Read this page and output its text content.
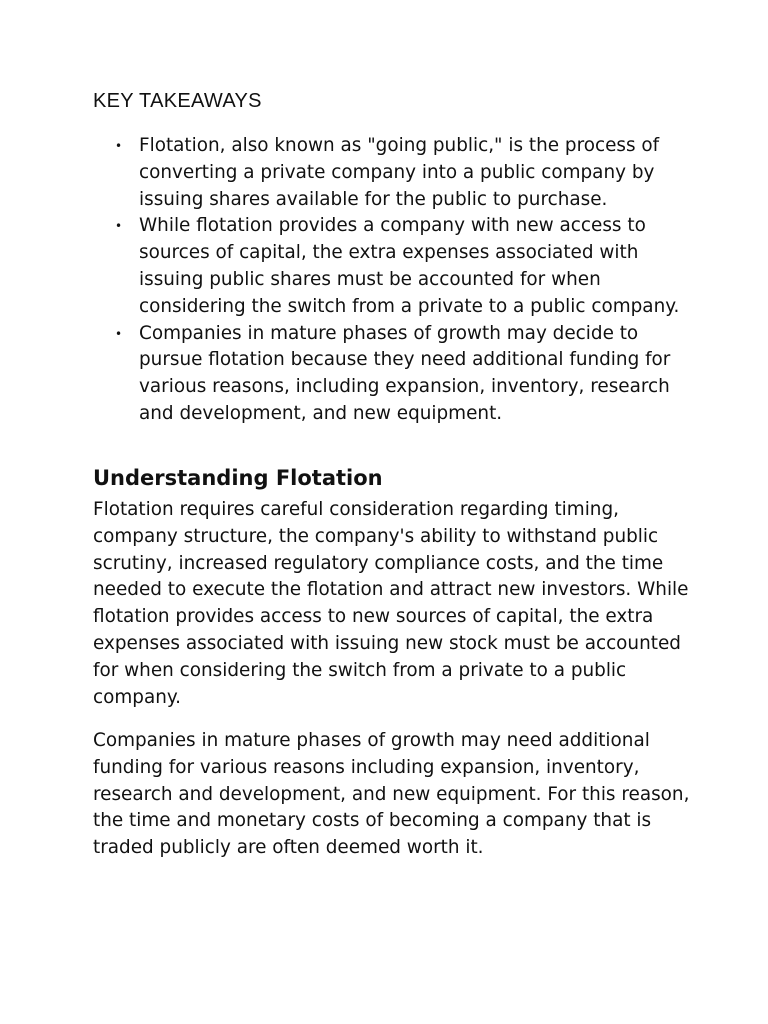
KEY TAKEAWAYS
• Flotation, also known as "going public," is the process of converting a private company into a public company by issuing shares available for the public to purchase.
• While flotation provides a company with new access to sources of capital, the extra expenses associated with issuing public shares must be accounted for when considering the switch from a private to a public company.
• Companies in mature phases of growth may decide to pursue flotation because they need additional funding for various reasons, including expansion, inventory, research and development, and new equipment.
Understanding Flotation

Flotation requires careful consideration regarding timing, company structure, the company's ability to withstand public scrutiny, increased regulatory compliance costs, and the time needed to execute the flotation and attract new investors. While flotation provides access to new sources of capital, the extra expenses associated with issuing new stock must be accounted for when considering the switch from a private to a public company.

Companies in mature phases of growth may need additional funding for various reasons including expansion, inventory, research and development, and new equipment. For this reason, the time and monetary costs of becoming a company that is traded publicly are often deemed worth it.
